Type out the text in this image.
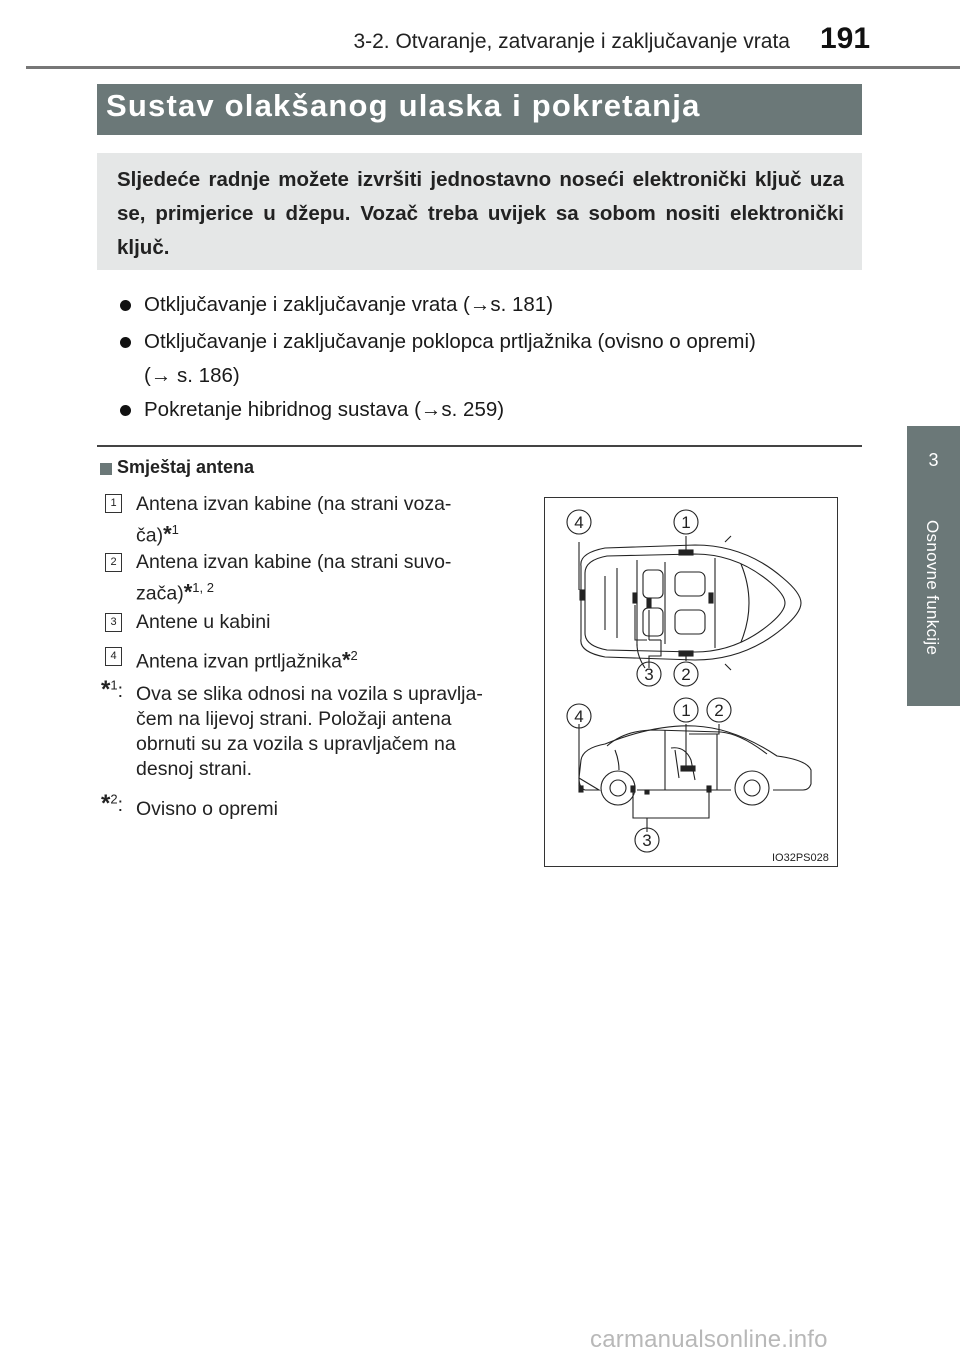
3-2. Otvaranje, zatvaranje i zaključavanje vrata 191
3
Osnovne funkcije
Sustav olakšanog ulaska i pokretanja
Sljedeće radnje možete izvršiti jednostavno noseći elektronički ključ uza se, primjerice u džepu. Vozač treba uvijek sa sobom nositi elektronički ključ.
Otključavanje i zaključavanje vrata (→s. 181)
Otključavanje i zaključavanje poklopca prtljažnika (ovisno o opremi)
(→ s. 186)
Pokretanje hibridnog sustava (→s. 259)
Smještaj antena
1 Antena izvan kabine (na strani voza-
ča)*$^1$
2 Antena izvan kabine (na strani suvo-
zača)*$^{1, 2}$
3 Antene u kabini
4 Antena izvan prtljažnika*$^2$
*$^1$: Ova se slika odnosi na vozila s upravlja-
čem na lijevoj strani. Položaji antena
obrnuti su za vozila s upravljačem na
desnoj strani.
*$^2$: Ovisno o opremi
4	1
3 2
4	1 2
3
IO32PS028
carmanualsonline.info
